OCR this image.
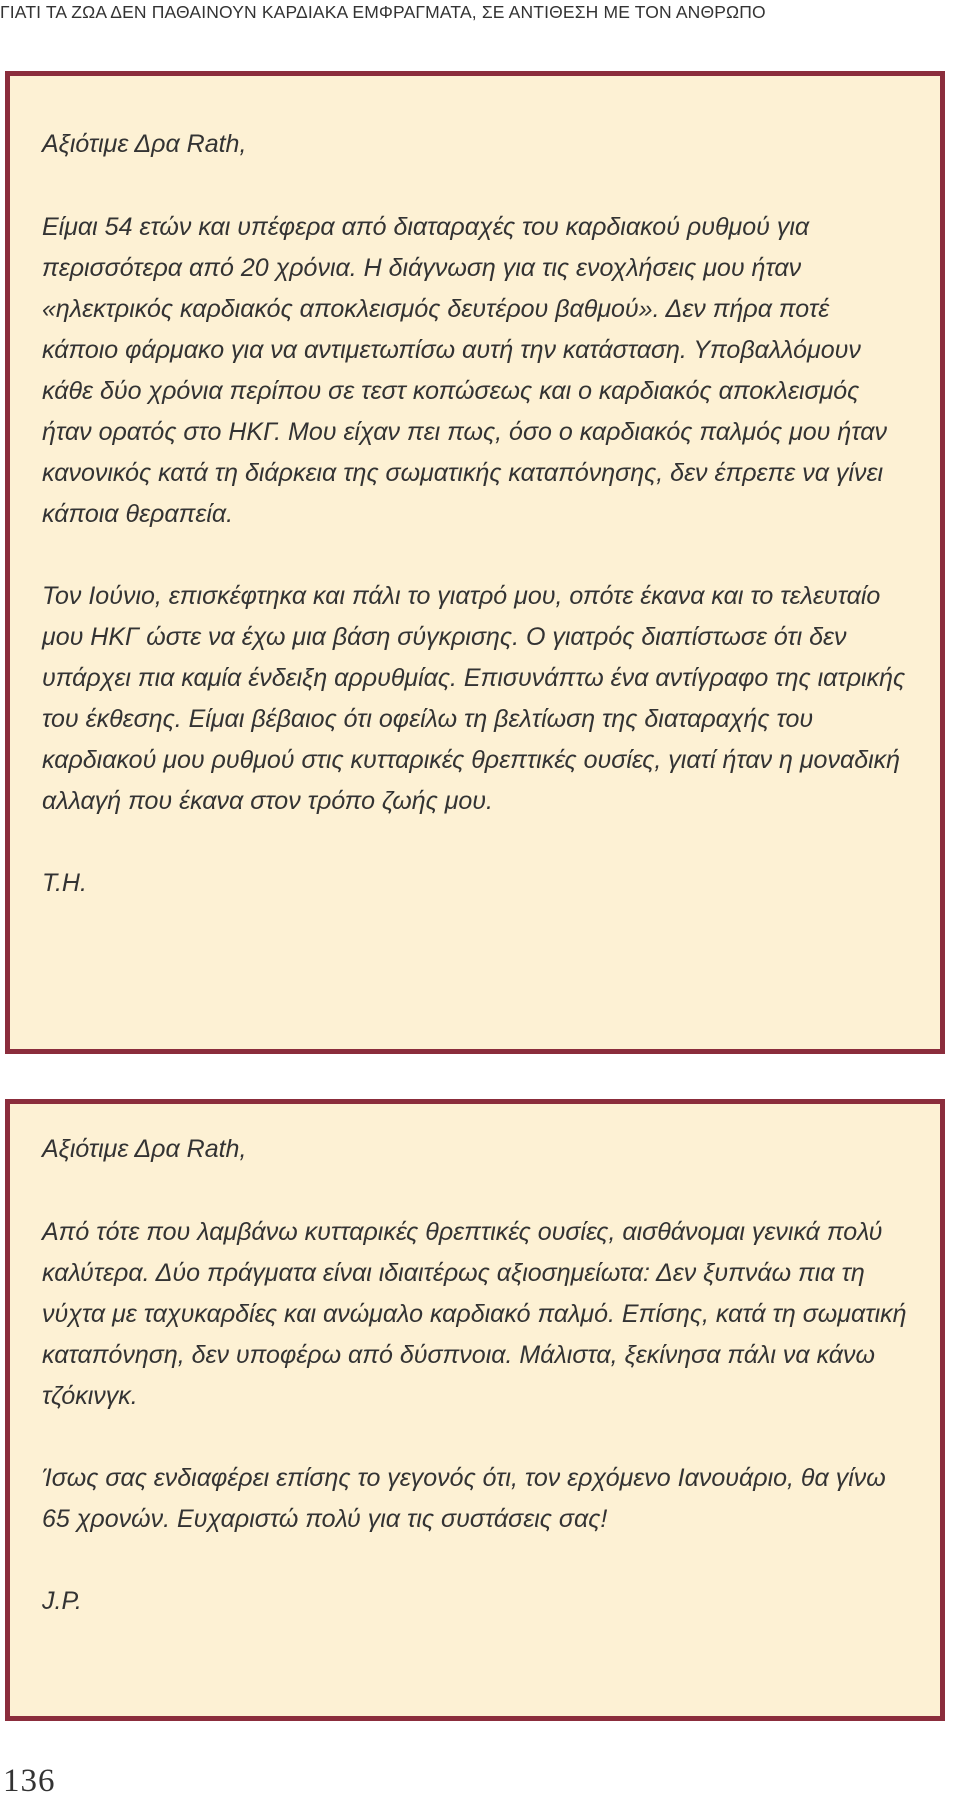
ΓΙΑΤΙ ΤΑ ΖΩΑ ΔΕΝ ΠΑΘΑΙΝΟΥΝ ΚΑΡΔΙΑΚΑ ΕΜΦΡΑΓΜΑΤΑ, ΣΕ ΑΝΤΙΘΕΣΗ ΜΕ ΤΟΝ ΑΝΘΡΩΠΟ

Αξιότιμε Δρα Rath,

Είμαι 54 ετών και υπέφερα από διαταραχές του καρδιακού ρυθμού για περισσότερα από 20 χρόνια. Η διάγνωση για τις ενοχλήσεις μου ήταν «ηλεκτρικός καρδιακός αποκλεισμός δευτέρου βαθμού». Δεν πήρα ποτέ κάποιο φάρμακο για να αντιμετωπίσω αυτή την κατάσταση. Υποβαλλόμουν κάθε δύο χρόνια περίπου σε τεστ κοπώσεως και ο καρδιακός αποκλεισμός ήταν ορατός στο ΗΚΓ. Μου είχαν πει πως, όσο ο καρδιακός παλμός μου ήταν κανονικός κατά τη διάρκεια της σωματικής καταπόνησης, δεν έπρεπε να γίνει κάποια θεραπεία.

Τον Ιούνιο, επισκέφτηκα και πάλι το γιατρό μου, οπότε έκανα και το τελευταίο μου ΗΚΓ ώστε να έχω μια βάση σύγκρισης. Ο γιατρός διαπίστωσε ότι δεν υπάρχει πια καμία ένδειξη αρρυθμίας. Επισυνάπτω ένα αντίγραφο της ιατρικής του έκθεσης. Είμαι βέβαιος ότι οφείλω τη βελτίωση της διαταραχής του καρδιακού μου ρυθμού στις κυτταρικές θρεπτικές ουσίες, γιατί ήταν η μοναδική αλλαγή που έκανα στον τρόπο ζωής μου.

T.H.

Αξιότιμε Δρα Rath,

Από τότε που λαμβάνω κυτταρικές θρεπτικές ουσίες, αισθάνομαι γενικά πολύ καλύτερα. Δύο πράγματα είναι ιδιαιτέρως αξιοσημείωτα: Δεν ξυπνάω πια τη νύχτα με ταχυκαρδίες και ανώμαλο καρδιακό παλμό. Επίσης, κατά τη σωματική καταπόνηση, δεν υποφέρω από δύσπνοια. Μάλιστα, ξεκίνησα πάλι να κάνω τζόκινγκ.

Ίσως σας ενδιαφέρει επίσης το γεγονός ότι, τον ερχόμενο Ιανουάριο, θα γίνω 65 χρονών. Ευχαριστώ πολύ για τις συστάσεις σας!

J.P.

136
